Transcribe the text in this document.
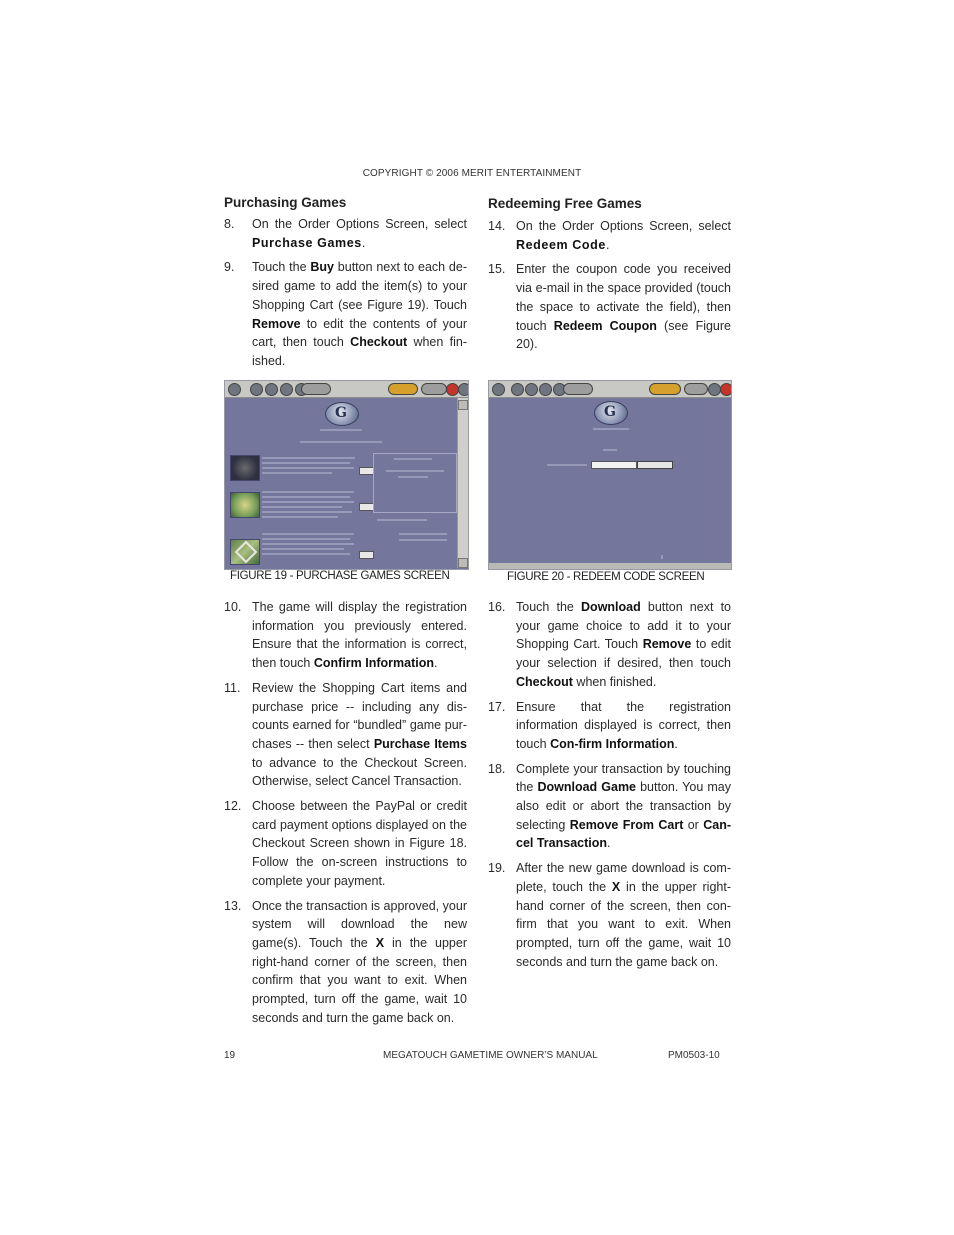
COPYRIGHT © 2006 MERIT ENTERTAINMENT
Purchasing Games
8. On the Order Options Screen, select Purchase Games.
9. Touch the Buy button next to each de-sired game to add the item(s) to your Shopping Cart (see Figure 19). Touch Remove to edit the contents of your cart, then touch Checkout when fin-ished.
Redeeming Free Games
14. On the Order Options Screen, select Redeem Code.
15. Enter the coupon code you received via e-mail in the space provided (touch the space to activate the field), then touch Redeem Coupon (see Figure 20).
G
FIGURE 19 - PURCHASE GAMES SCREEN
G
FIGURE 20 - REDEEM CODE SCREEN
10. The game will display the registration information you previously entered. Ensure that the information is correct, then touch Confirm Information.
11. Review the Shopping Cart items and purchase price -- including any dis-counts earned for “bundled” game pur-chases -- then select Purchase Items to advance to the Checkout Screen. Otherwise, select Cancel Transaction.
12. Choose between the PayPal or credit card payment options displayed on the Checkout Screen shown in Figure 18. Follow the on-screen instructions to complete your payment.
13. Once the transaction is approved, your system will download the new game(s). Touch the X in the upper right-hand corner of the screen, then confirm that you want to exit. When prompted, turn off the game, wait 10 seconds and turn the game back on.
16. Touch the Download button next to your game choice to add it to your Shopping Cart. Touch Remove to edit your selection if desired, then touch Checkout when finished.
17. Ensure that the registration information displayed is correct, then touch Con-firm Information.
18. Complete your transaction by touching the Download Game button. You may also edit or abort the transaction by selecting Remove From Cart or Can-cel Transaction.
19. After the new game download is com-plete, touch the X in the upper right-hand corner of the screen, then con-firm that you want to exit. When prompted, turn off the game, wait 10 seconds and turn the game back on.
19	MEGATOUCH GAMETIME OWNER’S MANUAL	PM0503-10
